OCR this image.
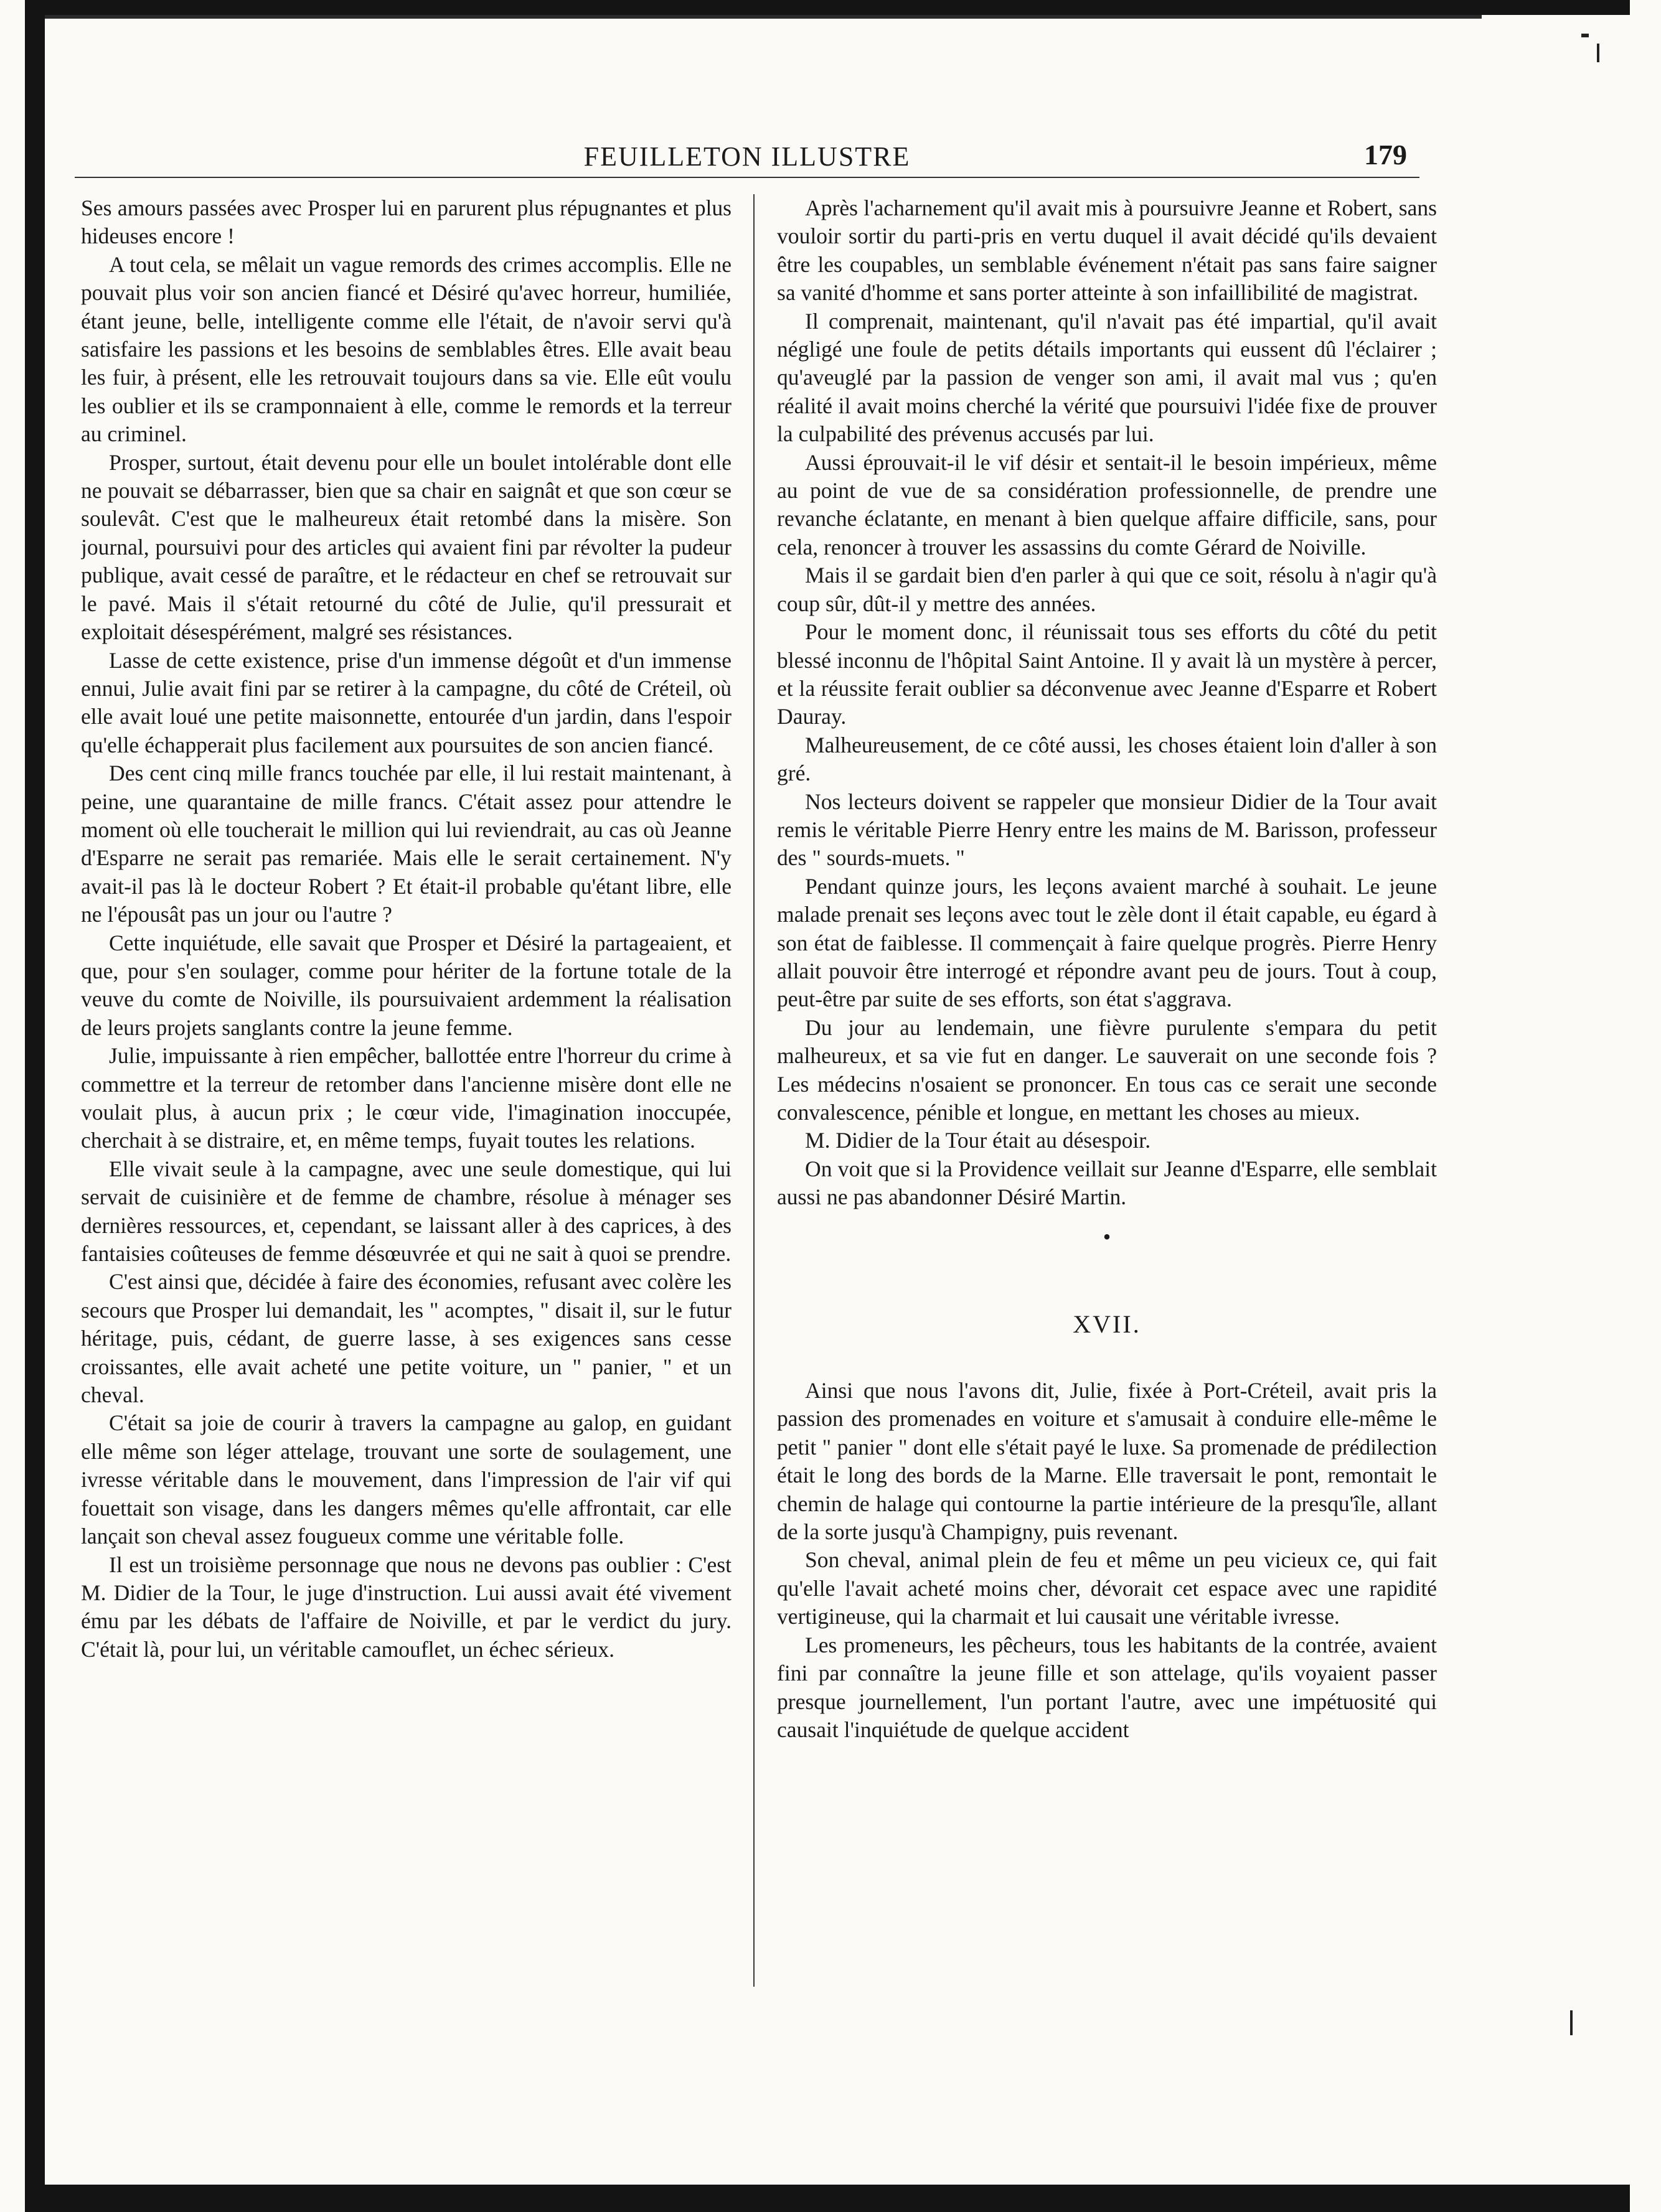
FEUILLETON ILLUSTRE	179

Ses amours passées avec Prosper lui en parurent plus répugnantes et plus hideuses encore !

A tout cela, se mêlait un vague remords des crimes accomplis. Elle ne pouvait plus voir son ancien fiancé et Désiré qu'avec horreur, humiliée, étant jeune, belle, intelligente comme elle l'était, de n'avoir servi qu'à satisfaire les passions et les besoins de semblables êtres. Elle avait beau les fuir, à présent, elle les retrouvait toujours dans sa vie. Elle eût voulu les oublier et ils se cramponnaient à elle, comme le remords et la terreur au criminel.

Prosper, surtout, était devenu pour elle un boulet intolérable dont elle ne pouvait se débarrasser, bien que sa chair en saignât et que son cœur se soulevât. C'est que le malheureux était retombé dans la misère. Son journal, poursuivi pour des articles qui avaient fini par révolter la pudeur publique, avait cessé de paraître, et le rédacteur en chef se retrouvait sur le pavé. Mais il s'était retourné du côté de Julie, qu'il pressurait et exploitait désespérément, malgré ses résistances.

Lasse de cette existence, prise d'un immense dégoût et d'un immense ennui, Julie avait fini par se retirer à la campagne, du côté de Créteil, où elle avait loué une petite maisonnette, entourée d'un jardin, dans l'espoir qu'elle échapperait plus facilement aux poursuites de son ancien fiancé.

Des cent cinq mille francs touchée par elle, il lui restait maintenant, à peine, une quarantaine de mille francs. C'était assez pour attendre le moment où elle toucherait le million qui lui reviendrait, au cas où Jeanne d'Esparre ne serait pas remariée. Mais elle le serait certainement. N'y avait-il pas là le docteur Robert ? Et était-il probable qu'étant libre, elle ne l'épousât pas un jour ou l'autre ?

Cette inquiétude, elle savait que Prosper et Désiré la partageaient, et que, pour s'en soulager, comme pour hériter de la fortune totale de la veuve du comte de Noiville, ils poursuivaient ardemment la réalisation de leurs projets sanglants contre la jeune femme.

Julie, impuissante à rien empêcher, ballottée entre l'horreur du crime à commettre et la terreur de retomber dans l'ancienne misère dont elle ne voulait plus, à aucun prix ; le cœur vide, l'imagination inoccupée, cherchait à se distraire, et, en même temps, fuyait toutes les relations.

Elle vivait seule à la campagne, avec une seule domestique, qui lui servait de cuisinière et de femme de chambre, résolue à ménager ses dernières ressources, et, cependant, se laissant aller à des caprices, à des fantaisies coûteuses de femme désœuvrée et qui ne sait à quoi se prendre.

C'est ainsi que, décidée à faire des économies, refusant avec colère les secours que Prosper lui demandait, les " acomptes, " disait il, sur le futur héritage, puis, cédant, de guerre lasse, à ses exigences sans cesse croissantes, elle avait acheté une petite voiture, un " panier, " et un cheval.

C'était sa joie de courir à travers la campagne au galop, en guidant elle même son léger attelage, trouvant une sorte de soulagement, une ivresse véritable dans le mouvement, dans l'impression de l'air vif qui fouettait son visage, dans les dangers mêmes qu'elle affrontait, car elle lançait son cheval assez fougueux comme une véritable folle.

Il est un troisième personnage que nous ne devons pas oublier : C'est M. Didier de la Tour, le juge d'instruction. Lui aussi avait été vivement ému par les débats de l'affaire de Noiville, et par le verdict du jury. C'était là, pour lui, un véritable camouflet, un échec sérieux.

Après l'acharnement qu'il avait mis à poursuivre Jeanne et Robert, sans vouloir sortir du parti-pris en vertu duquel il avait décidé qu'ils devaient être les coupables, un semblable événement n'était pas sans faire saigner sa vanité d'homme et sans porter atteinte à son infaillibilité de magistrat.

Il comprenait, maintenant, qu'il n'avait pas été impartial, qu'il avait négligé une foule de petits détails importants qui eussent dû l'éclairer ; qu'aveuglé par la passion de venger son ami, il avait mal vus ; qu'en réalité il avait moins cherché la vérité que poursuivi l'idée fixe de prouver la culpabilité des prévenus accusés par lui.

Aussi éprouvait-il le vif désir et sentait-il le besoin impérieux, même au point de vue de sa considération professionnelle, de prendre une revanche éclatante, en menant à bien quelque affaire difficile, sans, pour cela, renoncer à trouver les assassins du comte Gérard de Noiville.

Mais il se gardait bien d'en parler à qui que ce soit, résolu à n'agir qu'à coup sûr, dût-il y mettre des années.

Pour le moment donc, il réunissait tous ses efforts du côté du petit blessé inconnu de l'hôpital Saint Antoine. Il y avait là un mystère à percer, et la réussite ferait oublier sa déconvenue avec Jeanne d'Esparre et Robert Dauray.

Malheureusement, de ce côté aussi, les choses étaient loin d'aller à son gré.

Nos lecteurs doivent se rappeler que monsieur Didier de la Tour avait remis le véritable Pierre Henry entre les mains de M. Barisson, professeur des " sourds-muets. "

Pendant quinze jours, les leçons avaient marché à souhait. Le jeune malade prenait ses leçons avec tout le zèle dont il était capable, eu égard à son état de faiblesse. Il commençait à faire quelque progrès. Pierre Henry allait pouvoir être interrogé et répondre avant peu de jours. Tout à coup, peut-être par suite de ses efforts, son état s'aggrava.

Du jour au lendemain, une fièvre purulente s'empara du petit malheureux, et sa vie fut en danger. Le sauverait on une seconde fois ? Les médecins n'osaient se prononcer. En tous cas ce serait une seconde convalescence, pénible et longue, en mettant les choses au mieux.

M. Didier de la Tour était au désespoir.

On voit que si la Providence veillait sur Jeanne d'Esparre, elle semblait aussi ne pas abandonner Désiré Martin.

•

XVII.

Ainsi que nous l'avons dit, Julie, fixée à Port-Créteil, avait pris la passion des promenades en voiture et s'amusait à conduire elle-même le petit " panier " dont elle s'était payé le luxe. Sa promenade de prédilection était le long des bords de la Marne. Elle traversait le pont, remontait le chemin de halage qui contourne la partie intérieure de la presqu'île, allant de la sorte jusqu'à Champigny, puis revenant.

Son cheval, animal plein de feu et même un peu vicieux ce, qui fait qu'elle l'avait acheté moins cher, dévorait cet espace avec une rapidité vertigineuse, qui la charmait et lui causait une véritable ivresse.

Les promeneurs, les pêcheurs, tous les habitants de la contrée, avaient fini par connaître la jeune fille et son attelage, qu'ils voyaient passer presque journellement, l'un portant l'autre, avec une impétuosité qui causait l'inquiétude de quelque accident
